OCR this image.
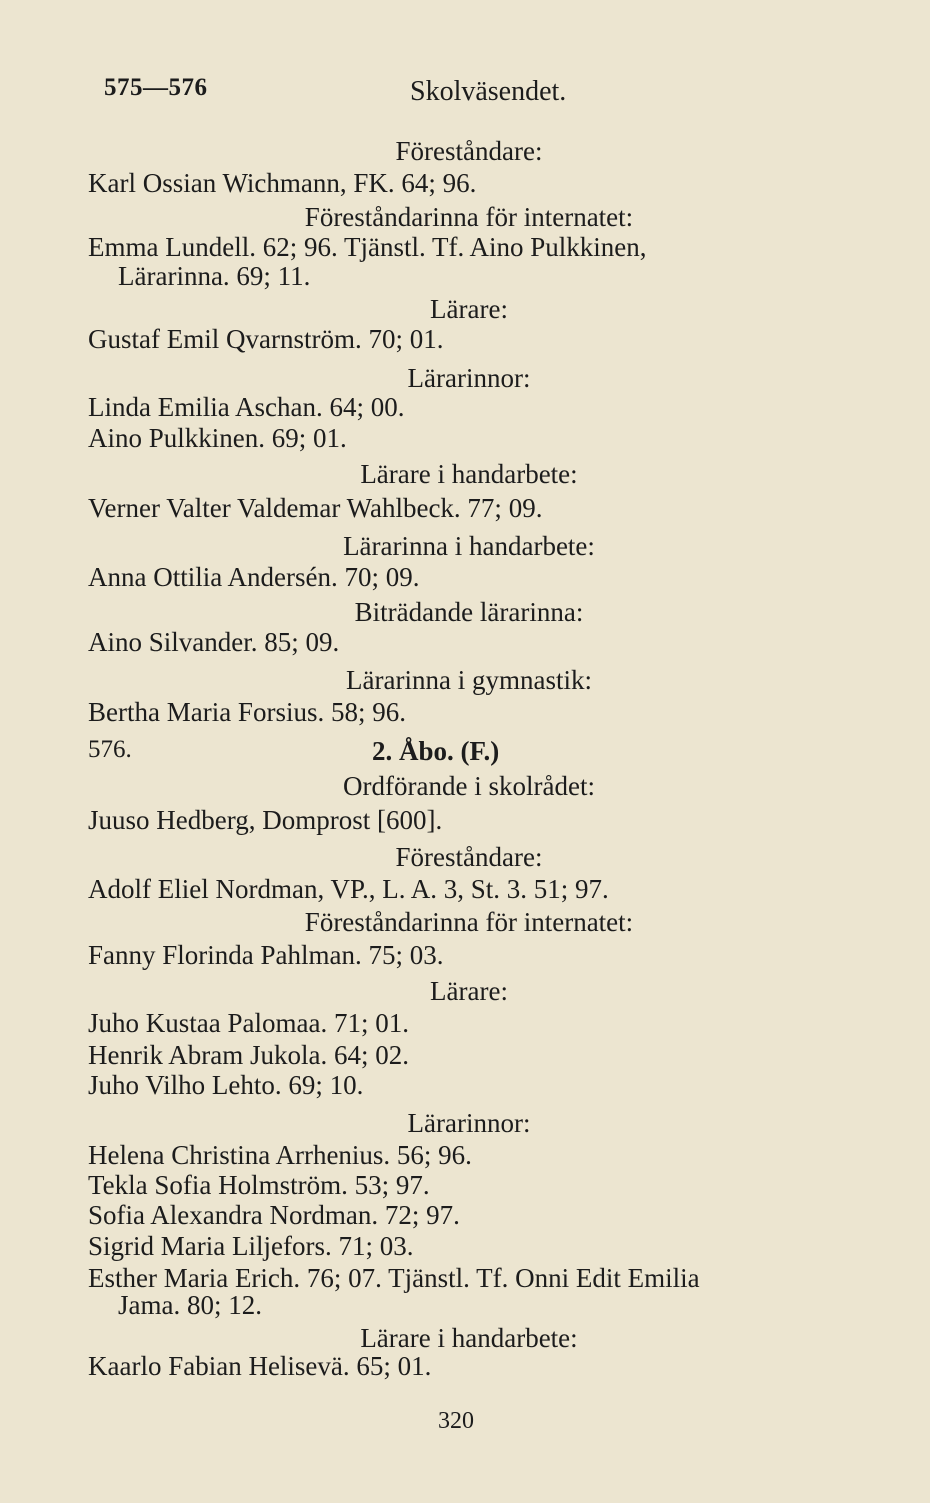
575—576	Skolväsendet.
Föreståndare:
Karl Ossian Wichmann, FK. 64; 96.
Föreståndarinna för internatet:
Emma Lundell. 62; 96. Tjänstl. Tf. Aino Pulkkinen,
Lärarinna. 69; 11.
Lärare:
Gustaf Emil Qvarnström. 70; 01.
Lärarinnor:
Linda Emilia Aschan. 64; 00.
Aino Pulkkinen. 69; 01.
Lärare i handarbete:
Verner Valter Valdemar Wahlbeck. 77; 09.
Lärarinna i handarbete:
Anna Ottilia Andersén. 70; 09.
Biträdande lärarinna:
Aino Silvander. 85; 09.
Lärarinna i gymnastik:
Bertha Maria Forsius. 58; 96.
576.	2. Åbo. (F.)
Ordförande i skolrådet:
Juuso Hedberg, Domprost [600].
Föreståndare:
Adolf Eliel Nordman, VP., L. A. 3, St. 3. 51; 97.
Föreståndarinna för internatet:
Fanny Florinda Pahlman. 75; 03.
Lärare:
Juho Kustaa Palomaa. 71; 01.
Henrik Abram Jukola. 64; 02.
Juho Vilho Lehto. 69; 10.
Lärarinnor:
Helena Christina Arrhenius. 56; 96.
Tekla Sofia Holmström. 53; 97.
Sofia Alexandra Nordman. 72; 97.
Sigrid Maria Liljefors. 71; 03.
Esther Maria Erich. 76; 07. Tjänstl. Tf. Onni Edit Emilia
Jama. 80; 12.
Lärare i handarbete:
Kaarlo Fabian Helisevä. 65; 01.
320
